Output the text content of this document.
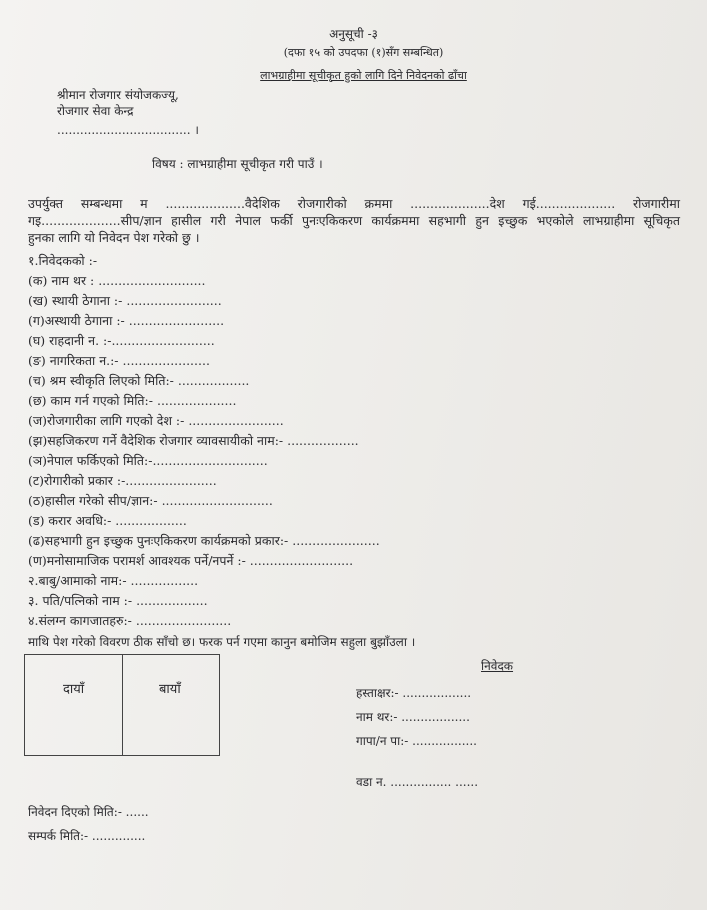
अनुसूची -३
(दफा १५ को उपदफा (१)सँग सम्बन्धित)
लाभग्राहीमा सूचीकृत हुको लागि दिने निवेदनको ढाँचा
श्रीमान रोजगार संयोजकज्यू,
रोजगार सेवा केन्द्र
................................... ।
विषय : लाभग्राहीमा सूचीकृत गरी पाउँ ।
उपर्युक्त सम्बन्धमा म ....................वैदेशिक रोजगारीको क्रममा ....................देश गई.................... रोजगारीमा
गइ....................सीप/ज्ञान हासील गरी नेपाल फर्की पुनःएकिकरण कार्यक्रममा सहभागी हुन इच्छुक भएकोले लाभग्राहीमा सूचिकृत
हुनका लागि यो निवेदन पेश गरेको छु ।
१.निवेदकको :-
(क) नाम थर : ...........................
(ख) स्थायी ठेगाना :- ........................
(ग)अस्थायी ठेगाना :- ........................
(घ) राहदानी न. :-..........................
(ङ) नागरिकता न.:- ......................
(च) श्रम स्वीकृति लिएको मिति:- ..................
(छ) काम गर्न गएको मिति:- ....................
(ज)रोजगारीका लागि गएको देश :- ........................
(झ)सहजिकरण गर्ने वैदेशिक रोजगार व्यावसायीको नाम:- ..................
(ञ)नेपाल फर्किएको मिति:-.............................
(ट)रोगारीको प्रकार :-.......................
(ठ)हासील गरेको सीप/ज्ञान:- ............................
(ड) करार अवधि:- ..................
(ढ)सहभागी हुन इच्छुक पुनःएकिकरण कार्यक्रमको प्रकार:- ......................
(ण)मनोसामाजिक परामर्श आवश्यक पर्ने/नपर्ने :- ..........................
२.बाबु/आमाको नाम:- .................
३. पति/पत्निको नाम :- ..................
४.संलग्न कागजातहरु:- ........................
माथि पेश गरेको विवरण ठीक साँचो छ। फरक पर्न गएमा कानुन बमोजिम सहुला बुझाँउला ।
दायाँ	बायाँ
निवेदक
हस्ताक्षर:- ..................
नाम थर:- ..................
गापा/न पा:- .................
वडा न. ................ ......
निवेदन दिएको मिति:- ......
सम्पर्क मिति:- ..............
